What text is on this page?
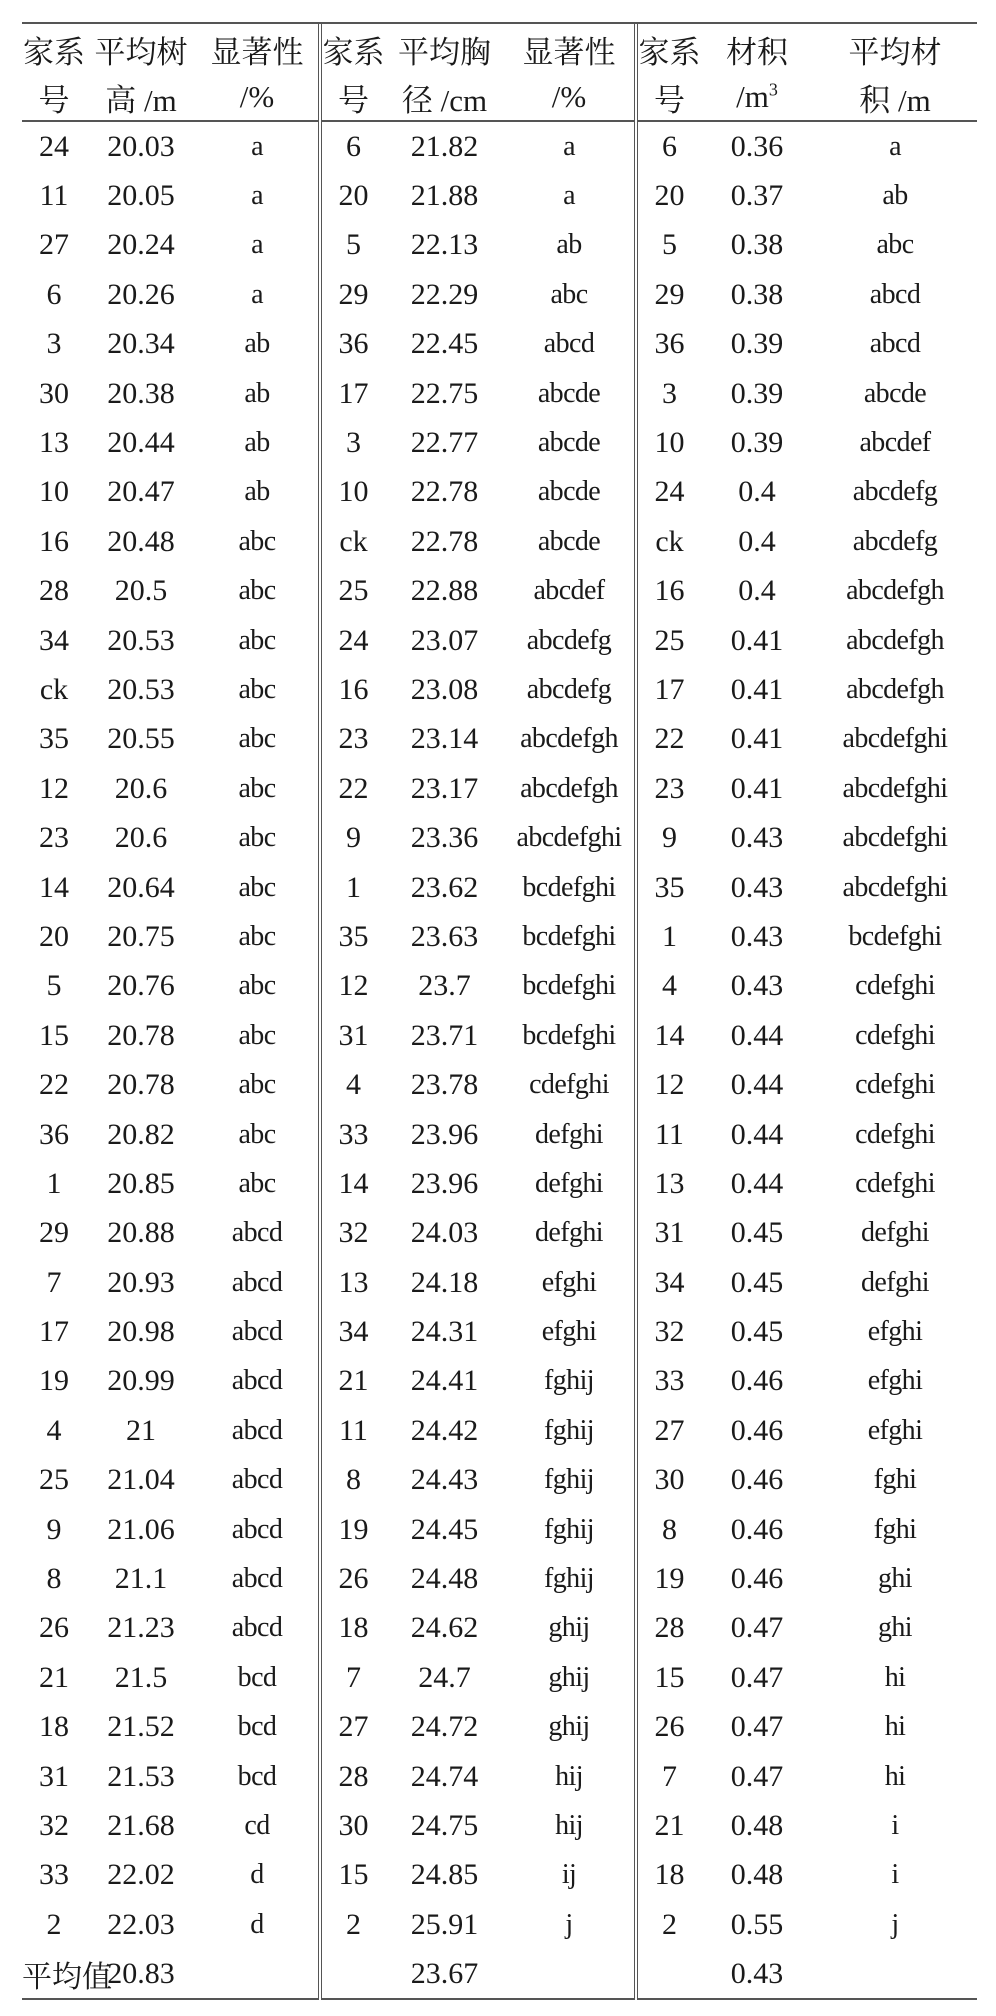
家系	平均树	显著性	家系	平均胸	显著性	家系	材积	平均材
号	高 /m	/%	号	径 /cm	/%	号	$/m^3$	积 /m
24	20.03	a	6	21.82	a	6	0.36	a
11	20.05	a	20	21.88	a	20	0.37	ab
27	20.24	a	5	22.13	ab	5	0.38	abc
6	20.26	a	29	22.29	abc	29	0.38	abcd
3	20.34	ab	36	22.45	abcd	36	0.39	abcd
30	20.38	ab	17	22.75	abcde	3	0.39	abcde
13	20.44	ab	3	22.77	abcde	10	0.39	abcdef
10	20.47	ab	10	22.78	abcde	24	0.4	abcdefg
16	20.48	abc	ck	22.78	abcde	ck	0.4	abcdefg
28	20.5	abc	25	22.88	abcdef	16	0.4	abcdefgh
34	20.53	abc	24	23.07	abcdefg	25	0.41	abcdefgh
ck	20.53	abc	16	23.08	abcdefg	17	0.41	abcdefgh
35	20.55	abc	23	23.14	abcdefgh	22	0.41	abcdefghi
12	20.6	abc	22	23.17	abcdefgh	23	0.41	abcdefghi
23	20.6	abc	9	23.36	abcdefghi	9	0.43	abcdefghi
14	20.64	abc	1	23.62	bcdefghi	35	0.43	abcdefghi
20	20.75	abc	35	23.63	bcdefghi	1	0.43	bcdefghi
5	20.76	abc	12	23.7	bcdefghi	4	0.43	cdefghi
15	20.78	abc	31	23.71	bcdefghi	14	0.44	cdefghi
22	20.78	abc	4	23.78	cdefghi	12	0.44	cdefghi
36	20.82	abc	33	23.96	defghi	11	0.44	cdefghi
1	20.85	abc	14	23.96	defghi	13	0.44	cdefghi
29	20.88	abcd	32	24.03	defghi	31	0.45	defghi
7	20.93	abcd	13	24.18	efghi	34	0.45	defghi
17	20.98	abcd	34	24.31	efghi	32	0.45	efghi
19	20.99	abcd	21	24.41	fghij	33	0.46	efghi
4	21	abcd	11	24.42	fghij	27	0.46	efghi
25	21.04	abcd	8	24.43	fghij	30	0.46	fghi
9	21.06	abcd	19	24.45	fghij	8	0.46	fghi
8	21.1	abcd	26	24.48	fghij	19	0.46	ghi
26	21.23	abcd	18	24.62	ghij	28	0.47	ghi
21	21.5	bcd	7	24.7	ghij	15	0.47	hi
18	21.52	bcd	27	24.72	ghij	26	0.47	hi
31	21.53	bcd	28	24.74	hij	7	0.47	hi
32	21.68	cd	30	24.75	hij	21	0.48	i
33	22.02	d	15	24.85	ij	18	0.48	i
2	22.03	d	2	25.91	j	2	0.55	j
平均值	20.83			23.67			0.43	
